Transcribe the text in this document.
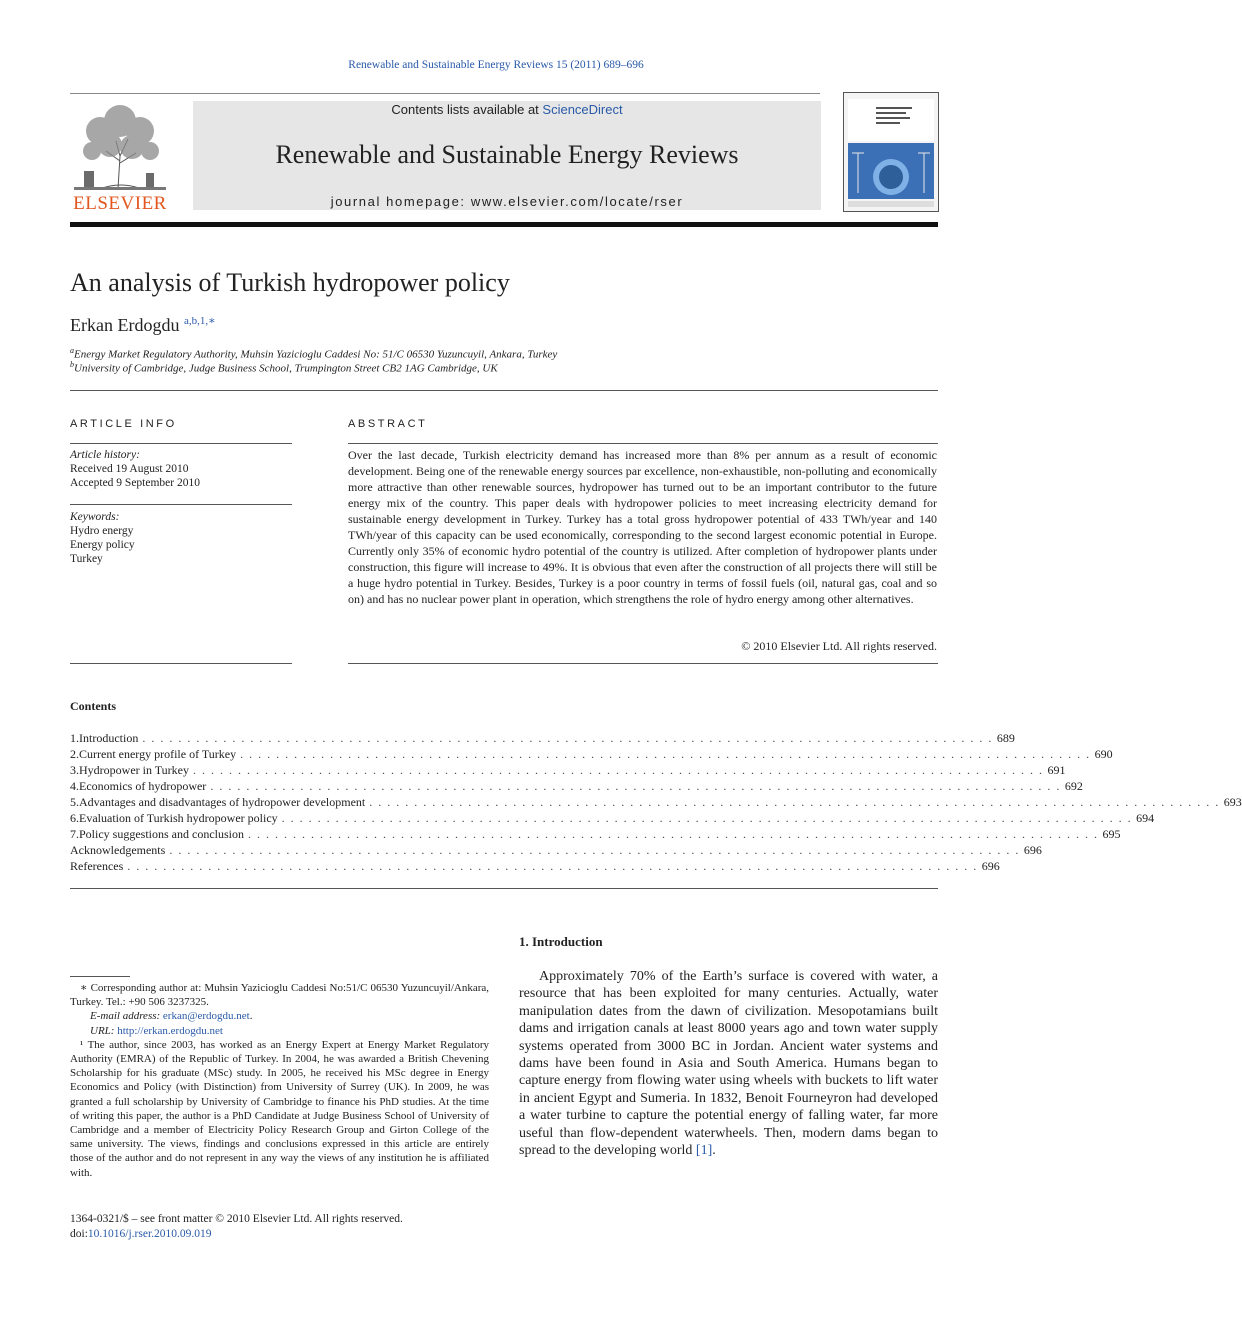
Renewable and Sustainable Energy Reviews 15 (2011) 689–696
ELSEVIER
Contents lists available at ScienceDirect
Renewable and Sustainable Energy Reviews
journal homepage: www.elsevier.com/locate/rser
An analysis of Turkish hydropower policy
Erkan Erdogdu $^{a,b,1,∗}$
$^a$Energy Market Regulatory Authority, Muhsin Yazicioglu Caddesi No: 51/C 06530 Yuzuncuyil, Ankara, Turkey
$^b$University of Cambridge, Judge Business School, Trumpington Street CB2 1AG Cambridge, UK
ARTICLE INFO
Article history:
Received 19 August 2010
Accepted 9 September 2010
Keywords:
Hydro energy
Energy policy
Turkey
ABSTRACT
Over the last decade, Turkish electricity demand has increased more than 8% per annum as a result of economic development. Being one of the renewable energy sources par excellence, non-exhaustible, non-polluting and economically more attractive than other renewable sources, hydropower has turned out to be an important contributor to the future energy mix of the country. This paper deals with hydropower policies to meet increasing electricity demand for sustainable energy development in Turkey. Turkey has a total gross hydropower potential of 433 TWh/year and 140 TWh/year of this capacity can be used economically, corresponding to the second largest economic potential in Europe. Currently only 35% of economic hydro potential of the country is utilized. After completion of hydropower plants under construction, this figure will increase to 49%. It is obvious that even after the construction of all projects there will still be a huge hydro potential in Turkey. Besides, Turkey is a poor country in terms of fossil fuels (oil, natural gas, coal and so on) and has no nuclear power plant in operation, which strengthens the role of hydro energy among other alternatives.
© 2010 Elsevier Ltd. All rights reserved.
Contents
1. Introduction . . . . . . . . . . . . . . . . . . . . . . . . . . . . . . . . . . . . . . . . . . . . . . . . . . . . . . . . . . . . . . . . . . . . . . . . . . . . . . . . . . . . . . . . . . . . . . . 689
2. Current energy profile of Turkey . . . . . . . . . . . . . . . . . . . . . . . . . . . . . . . . . . . . . . . . . . . . . . . . . . . . . . . . . . . . . . . . . . . . . . . . . . . . . . . . . . . . . . . . . . . . . . . 690
3. Hydropower in Turkey . . . . . . . . . . . . . . . . . . . . . . . . . . . . . . . . . . . . . . . . . . . . . . . . . . . . . . . . . . . . . . . . . . . . . . . . . . . . . . . . . . . . . . . . . . . . . . . 691
4. Economics of hydropower . . . . . . . . . . . . . . . . . . . . . . . . . . . . . . . . . . . . . . . . . . . . . . . . . . . . . . . . . . . . . . . . . . . . . . . . . . . . . . . . . . . . . . . . . . . . . . . 692
5. Advantages and disadvantages of hydropower development . . . . . . . . . . . . . . . . . . . . . . . . . . . . . . . . . . . . . . . . . . . . . . . . . . . . . . . . . . . . . . . . . . . . . . . . . . . . . . . . . . . . . . . . . . . . . . . 693
6. Evaluation of Turkish hydropower policy . . . . . . . . . . . . . . . . . . . . . . . . . . . . . . . . . . . . . . . . . . . . . . . . . . . . . . . . . . . . . . . . . . . . . . . . . . . . . . . . . . . . . . . . . . . . . . . 694
7. Policy suggestions and conclusion . . . . . . . . . . . . . . . . . . . . . . . . . . . . . . . . . . . . . . . . . . . . . . . . . . . . . . . . . . . . . . . . . . . . . . . . . . . . . . . . . . . . . . . . . . . . . . . 695
Acknowledgements . . . . . . . . . . . . . . . . . . . . . . . . . . . . . . . . . . . . . . . . . . . . . . . . . . . . . . . . . . . . . . . . . . . . . . . . . . . . . . . . . . . . . . . . . . . . . . . 696
References . . . . . . . . . . . . . . . . . . . . . . . . . . . . . . . . . . . . . . . . . . . . . . . . . . . . . . . . . . . . . . . . . . . . . . . . . . . . . . . . . . . . . . . . . . . . . . . 696
1. Introduction
Approximately 70% of the Earth’s surface is covered with water, a resource that has been exploited for many centuries. Actually, water manipulation dates from the dawn of civilization. Mesopotamians built dams and irrigation canals at least 8000 years ago and town water supply systems operated from 3000 BC in Jordan. Ancient water systems and dams have been found in Asia and South America. Humans began to capture energy from flowing water using wheels with buckets to lift water in ancient Egypt and Sumeria. In 1832, Benoit Fourneyron had developed a water turbine to capture the potential energy of falling water, far more useful than flow-dependent waterwheels. Then, modern dams began to spread to the developing world [1].
∗ Corresponding author at: Muhsin Yazicioglu Caddesi No:51/C 06530 Yuzuncuyil/Ankara, Turkey. Tel.: +90 506 3237325.
E-mail address: erkan@erdogdu.net.
URL: http://erkan.erdogdu.net
¹ The author, since 2003, has worked as an Energy Expert at Energy Market Regulatory Authority (EMRA) of the Republic of Turkey. In 2004, he was awarded a British Chevening Scholarship for his graduate (MSc) study. In 2005, he received his MSc degree in Energy Economics and Policy (with Distinction) from University of Surrey (UK). In 2009, he was granted a full scholarship by University of Cambridge to finance his PhD studies. At the time of writing this paper, the author is a PhD Candidate at Judge Business School of University of Cambridge and a member of Electricity Policy Research Group and Girton College of the same university. The views, findings and conclusions expressed in this article are entirely those of the author and do not represent in any way the views of any institution he is affiliated with.
1364-0321/$ – see front matter © 2010 Elsevier Ltd. All rights reserved.
doi:10.1016/j.rser.2010.09.019
